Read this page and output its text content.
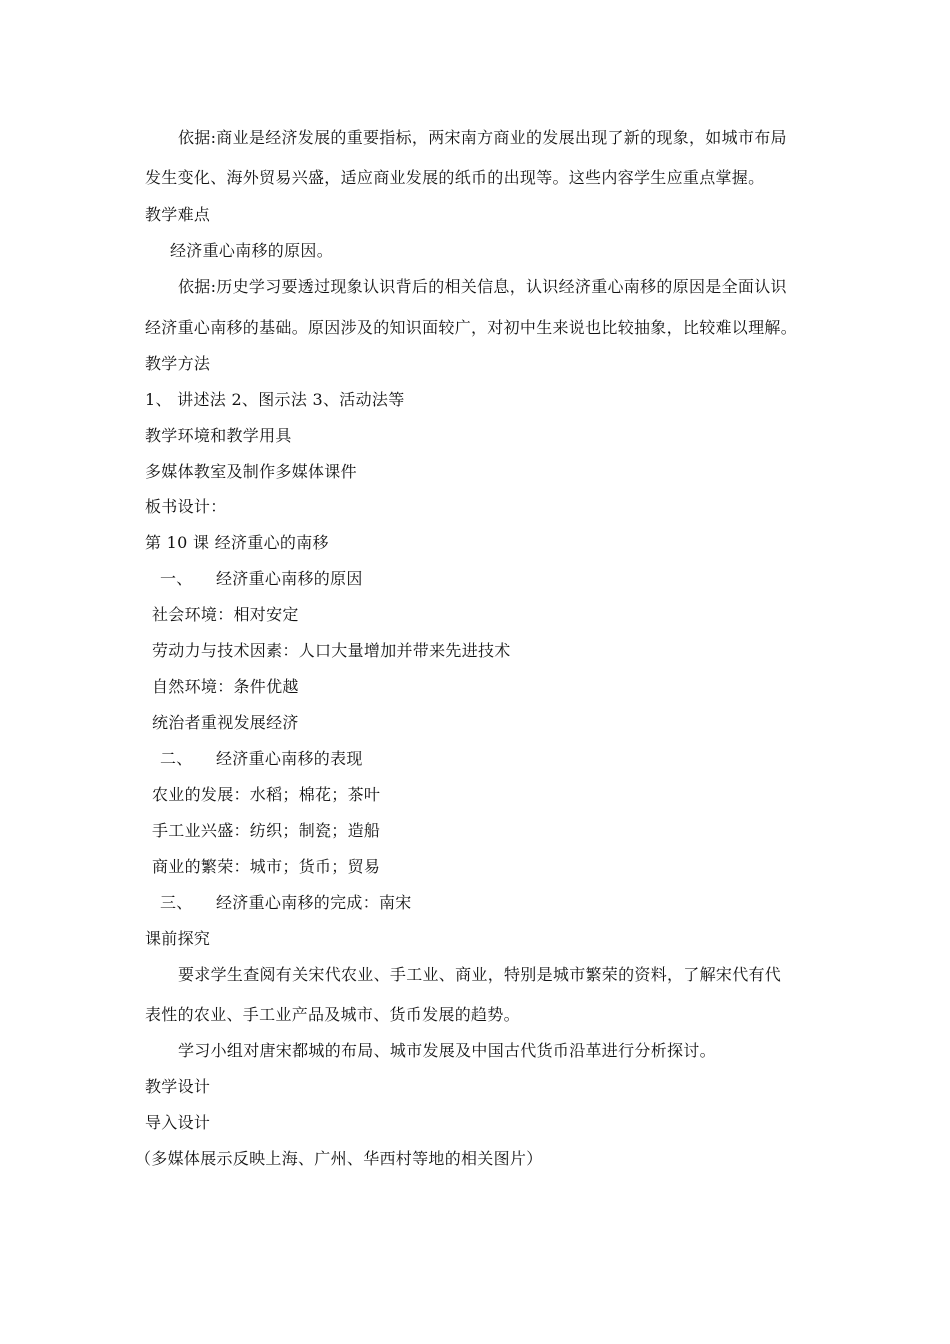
依据:商业是经济发展的重要指标，两宋南方商业的发展出现了新的现象，如城市布局
发生变化、海外贸易兴盛，适应商业发展的纸币的出现等。这些内容学生应重点掌握。
教学难点
经济重心南移的原因。
依据:历史学习要透过现象认识背后的相关信息，认识经济重心南移的原因是全面认识
经济重心南移的基础。原因涉及的知识面较广，对初中生来说也比较抽象，比较难以理解。
教学方法
1、 讲述法 2、图示法 3、活动法等
教学环境和教学用具
多媒体教室及制作多媒体课件
板书设计：
第 10 课 经济重心的南移
一、 经济重心南移的原因
社会环境：相对安定
劳动力与技术因素：人口大量增加并带来先进技术
自然环境：条件优越
统治者重视发展经济
二、 经济重心南移的表现
农业的发展：水稻；棉花；茶叶
手工业兴盛：纺织；制瓷；造船
商业的繁荣：城市；货币；贸易
三、 经济重心南移的完成：南宋
课前探究
要求学生查阅有关宋代农业、手工业、商业，特别是城市繁荣的资料，了解宋代有代
表性的农业、手工业产品及城市、货币发展的趋势。
学习小组对唐宋都城的布局、城市发展及中国古代货币沿革进行分析探讨。
教学设计
导入设计
（多媒体展示反映上海、广州、华西村等地的相关图片）
